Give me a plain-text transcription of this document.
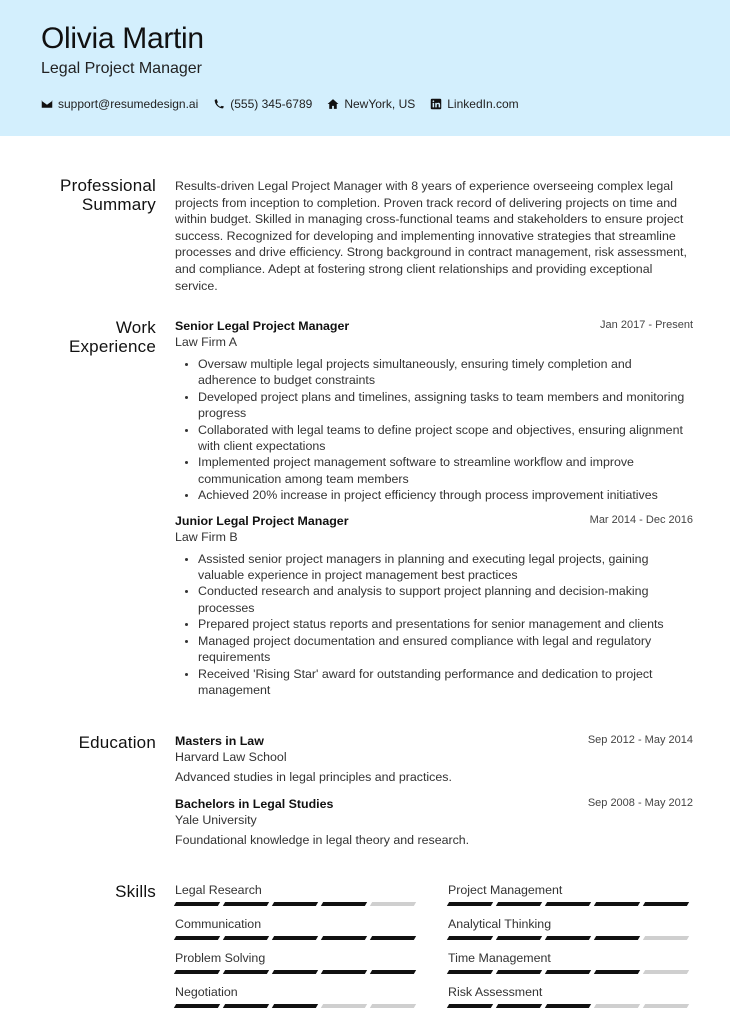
Olivia Martin
Legal Project Manager
support@resumedesign.ai	(555) 345-6789	NewYork, US	LinkedIn.com
Professional
Summary

Results-driven Legal Project Manager with 8 years of experience overseeing complex legal projects from inception to completion. Proven track record of delivering projects on time and within budget. Skilled in managing cross-functional teams and stakeholders to ensure project success. Recognized for developing and implementing innovative strategies that streamline processes and drive efficiency. Strong background in contract management, risk assessment, and compliance. Adept at fostering strong client relationships and providing exceptional service.

Work
Experience
Senior Legal Project Manager	Jan 2017 - Present
Law Firm A
Oversaw multiple legal projects simultaneously, ensuring timely completion and adherence to budget constraints
Developed project plans and timelines, assigning tasks to team members and monitoring progress
Collaborated with legal teams to define project scope and objectives, ensuring alignment with client expectations
Implemented project management software to streamline workflow and improve communication among team members
Achieved 20% increase in project efficiency through process improvement initiatives
Junior Legal Project Manager	Mar 2014 - Dec 2016
Law Firm B
Assisted senior project managers in planning and executing legal projects, gaining valuable experience in project management best practices
Conducted research and analysis to support project planning and decision-making processes
Prepared project status reports and presentations for senior management and clients
Managed project documentation and ensured compliance with legal and regulatory requirements
Received 'Rising Star' award for outstanding performance and dedication to project management
Education Masters in Law	Sep 2012 - May 2014
Harvard Law School
Advanced studies in legal principles and practices.
Bachelors in Legal Studies	Sep 2008 - May 2012
Yale University
Foundational knowledge in legal theory and research.
Skills Legal Research	Project Management
Communication	Analytical Thinking
Problem Solving	Time Management
Negotiation	Risk Assessment
